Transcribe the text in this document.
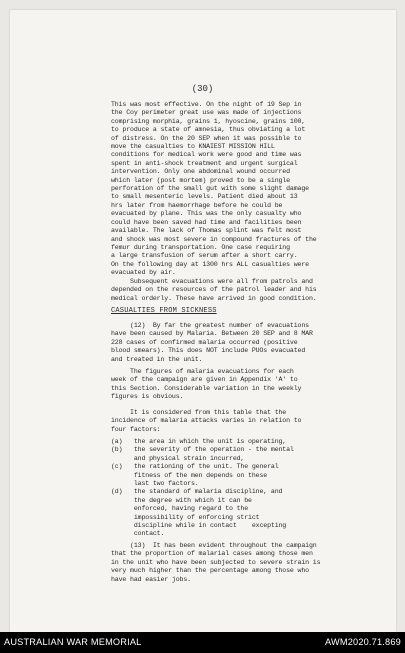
(30)
This was most effective. On the night of 19 Sep in
the Coy perimeter great use was made of injections
comprising morphia, grains 1, hyoscine, grains 100,
to produce a state of amnesia, thus obviating a lot
of distress. On the 20 SEP when it was possible to
move the casualties to KNAIEST MISSION HILL
conditions for medical work were good and time was
spent in anti-shock treatment and urgent surgical
intervention. Only one abdominal wound occurred
which later (post mortem) proved to be a single
perforation of the small gut with some slight damage
to small mesenteric levels. Patient died about 13
hrs later from haemorrhage before he could be
evacuated by plane. This was the only casualty who
could have been saved had time and facilities been
available. The lack of Thomas splint was felt most
and shock was most severe in compound fractures of the
femur during transportation. One case requiring
a large transfusion of serum after a short carry.
On the following day at 1300 hrs ALL casualties were
evacuated by air.
Subsequent evacuations were all from patrols and
depended on the resources of the patrol leader and his
medical orderly. These have arrived in good condition.
CASUALTIES FROM SICKNESS
(12)  By far the greatest number of evacuations
have been caused by Malaria. Between 20 SEP and 8 MAR
228 cases of confirmed malaria occurred (positive
blood smears). This does NOT include PUOs evacuated
and treated in the unit.
The figures of malaria evacuations for each
week of the campaign are given in Appendix 'A' to
this Section. Considerable variation in the weekly
figures is obvious.
It is considered from this table that the
incidence of malaria attacks varies in relation to
four factors:
(a)   the area in which the unit is operating,
(b)   the severity of the operation - the mental
and physical strain incurred,
(c)   the rationing of the unit. The general
fitness of the men depends on these
last two factors.
(d)   the standard of malaria discipline, and
the degree with which it can be
enforced, having regard to the
impossibility of enforcing strict
discipline while in contact    excepting
contact.
(13)  It has been evident throughout the campaign
that the proportion of malarial cases among those men
in the unit who have been subjected to severe strain is
very much higher than the percentage among those who
have had easier jobs.
AUSTRALIAN WAR MEMORIAL	AWM2020.71.869
